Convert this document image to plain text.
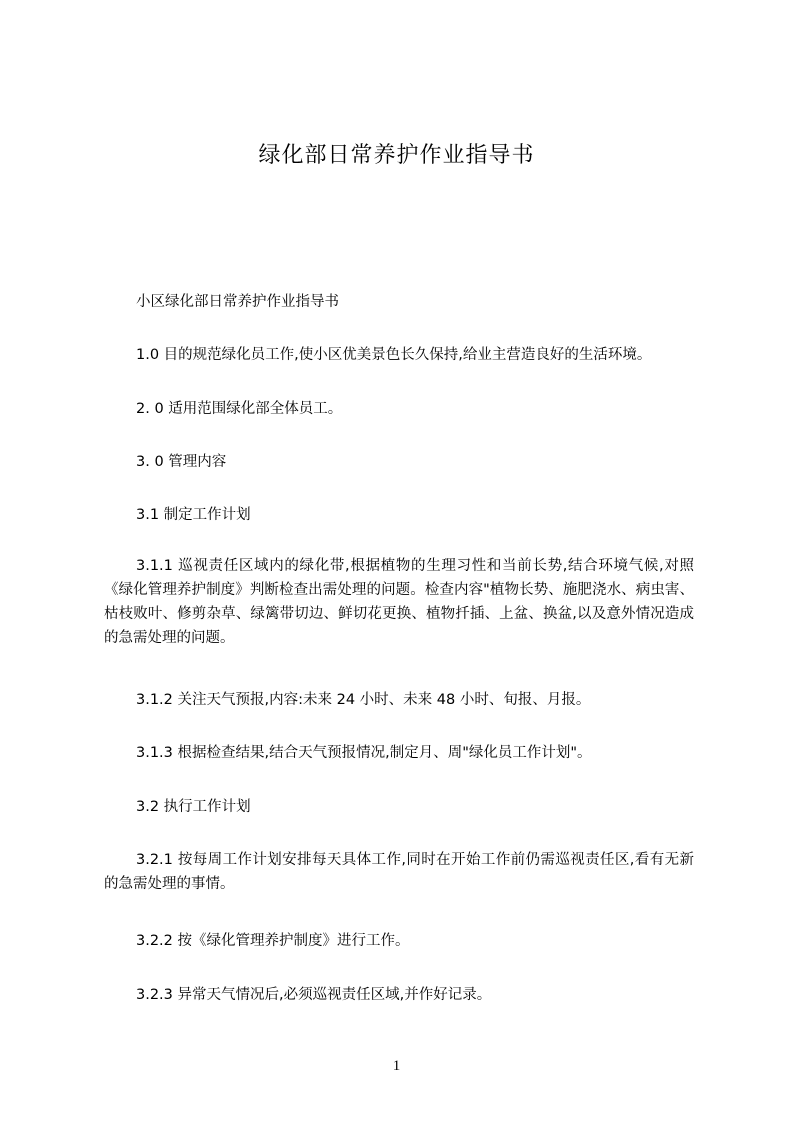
绿化部日常养护作业指导书

小区绿化部日常养护作业指导书

1.0 目的规范绿化员工作,使小区优美景色长久保持,给业主营造良好的生活环境。

2. 0 适用范围绿化部全体员工。

3. 0 管理内容

3.1 制定工作计划

3.1.1 巡视责任区域内的绿化带,根据植物的生理习性和当前长势,结合环境气候,对照《绿化管理养护制度》判断检查出需处理的问题。检查内容"植物长势、施肥浇水、病虫害、枯枝败叶、修剪杂草、绿篱带切边、鲜切花更换、植物扦插、上盆、换盆,以及意外情况造成的急需处理的问题。

3.1.2 关注天气预报,内容:未来 24 小时、未来 48 小时、旬报、月报。

3.1.3 根据检查结果,结合天气预报情况,制定月、周"绿化员工作计划"。

3.2 执行工作计划

3.2.1 按每周工作计划安排每天具体工作,同时在开始工作前仍需巡视责任区,看有无新的急需处理的事情。

3.2.2 按《绿化管理养护制度》进行工作。

3.2.3 异常天气情况后,必须巡视责任区域,并作好记录。

1
